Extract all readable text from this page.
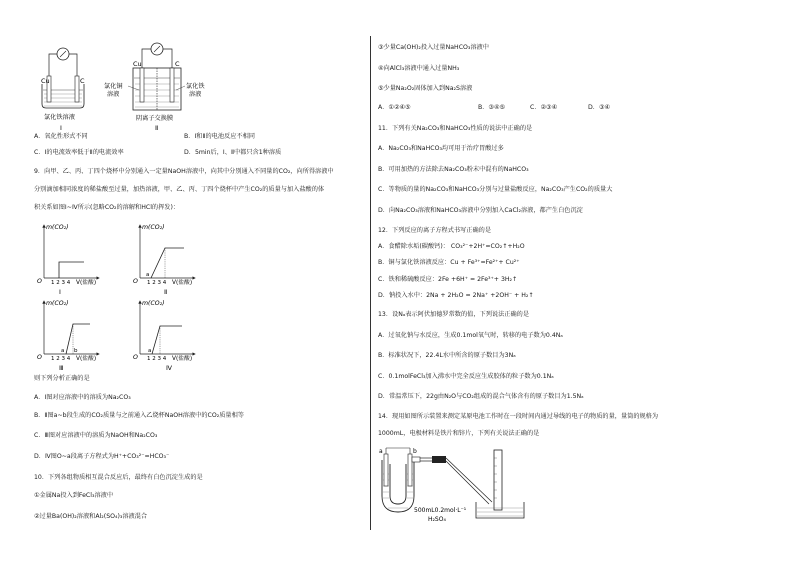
Cu	C
氯化铁溶液
Ⅰ
Cu	C
氯化铜
溶液
氯化铁
溶液
阴离子交换膜
Ⅱ
A．氧化性形式不同	B．Ⅰ和Ⅱ的电池反应不相同
C．Ⅰ的电流效率低于Ⅱ的电流效率	D．5min后，Ⅰ、Ⅱ中都只含1种溶质
9．向甲、乙、丙、丁四个烧杯中分别通入一定量NaOH溶液中，向其中分别通入不同量的CO₂，向所得溶液中
分别滴加相同浓度的稀盐酸至过量，加热溶液，甲、乙、丙、丁四个烧杯中产生CO₂的质量与加入盐酸的体
积关系如图Ⅰ~Ⅳ所示(忽略CO₂的溶解和HCl的挥发)：
m(CO₂)
O 1 2 3 4 V(盐酸)
Ⅰ
m(CO₂)
O
a
1 2 3 4 V(盐酸)
Ⅱ
m(CO₂)
O
a b
1 2 3 4 V(盐酸)
Ⅲ
m(CO₂)
O
a
1 2 3 4 V(盐酸)
Ⅳ
则下列分析正确的是
A．Ⅰ图对应溶液中的溶质为Na₂CO₃
B．Ⅱ图a~b段生成的CO₂质量与之前通入乙烧杯NaOH溶液中的CO₂质量相等
C．Ⅲ图对应溶液中的溶质为NaOH和Na₂CO₃
D．Ⅳ图O~a段离子方程式为H⁺+CO₃²⁻=HCO₃⁻
10．下列各组物质相互混合反应后，最终有白色沉淀生成的是
①金属Na投入到FeCl₃溶液中
②过量Ba(OH)₂溶液和Al₂(SO₄)₃溶液混合
③少量Ca(OH)₂投入过量NaHCO₃溶液中
④向AlCl₃溶液中通入过量NH₃
⑤少量Na₂O₂固体加入到Na₂S溶液
A．①②④⑤	B．③④⑤	C．②③④	D．③④
11．下列有关Na₂CO₃和NaHCO₃性质的说法中正确的是
A．Na₂CO₃和NaHCO₃均可用于治疗胃酸过多
B．可用加热的方法除去Na₂CO₃粉末中混有的NaHCO₃
C．等物质的量的Na₂CO₃和NaHCO₃分别与过量盐酸反应，Na₂CO₃产生CO₂的质量大
D．向Na₂CO₃溶液和NaHCO₃溶液中分别加入CaCl₂溶液，都产生白色沉淀
12．下列反应的离子方程式书写正确的是
A．食醋除水垢(碳酸钙)： CO₃²⁻+2H⁺=CO₂↑+H₂O
B．铜与氯化铁溶液反应：Cu + Fe³⁺=Fe²⁺+ Cu²⁺
C．铁和稀硫酸反应：2Fe +6H⁺ = 2Fe³⁺+ 3H₂↑
D．钠投入水中：2Na + 2H₂O = 2Na⁺ +2OH⁻ + H₂↑
13．设Nₐ表示阿伏加德罗常数的值，下列说法正确的是
A．过氧化钠与水反应，生成0.1mol氧气时，转移的电子数为0.4Nₐ
B．标准状况下，22.4L水中所含的原子数目为3Nₐ
C．0.1molFeCl₃加入沸水中完全反应生成胶体的粒子数为0.1Nₐ
D．常温常压下，22g由N₂O与CO₂组成的混合气体含有的原子数目为1.5Nₐ
14．现用如图所示装置来测定某原电池工作时在一段时间内通过导线的电子的物质的量，量筒的规格为
1000mL，电极材料是铁片和锌片，下列有关说法正确的是
a	b
500mL0.2mol·L⁻¹
H₂SO₄
